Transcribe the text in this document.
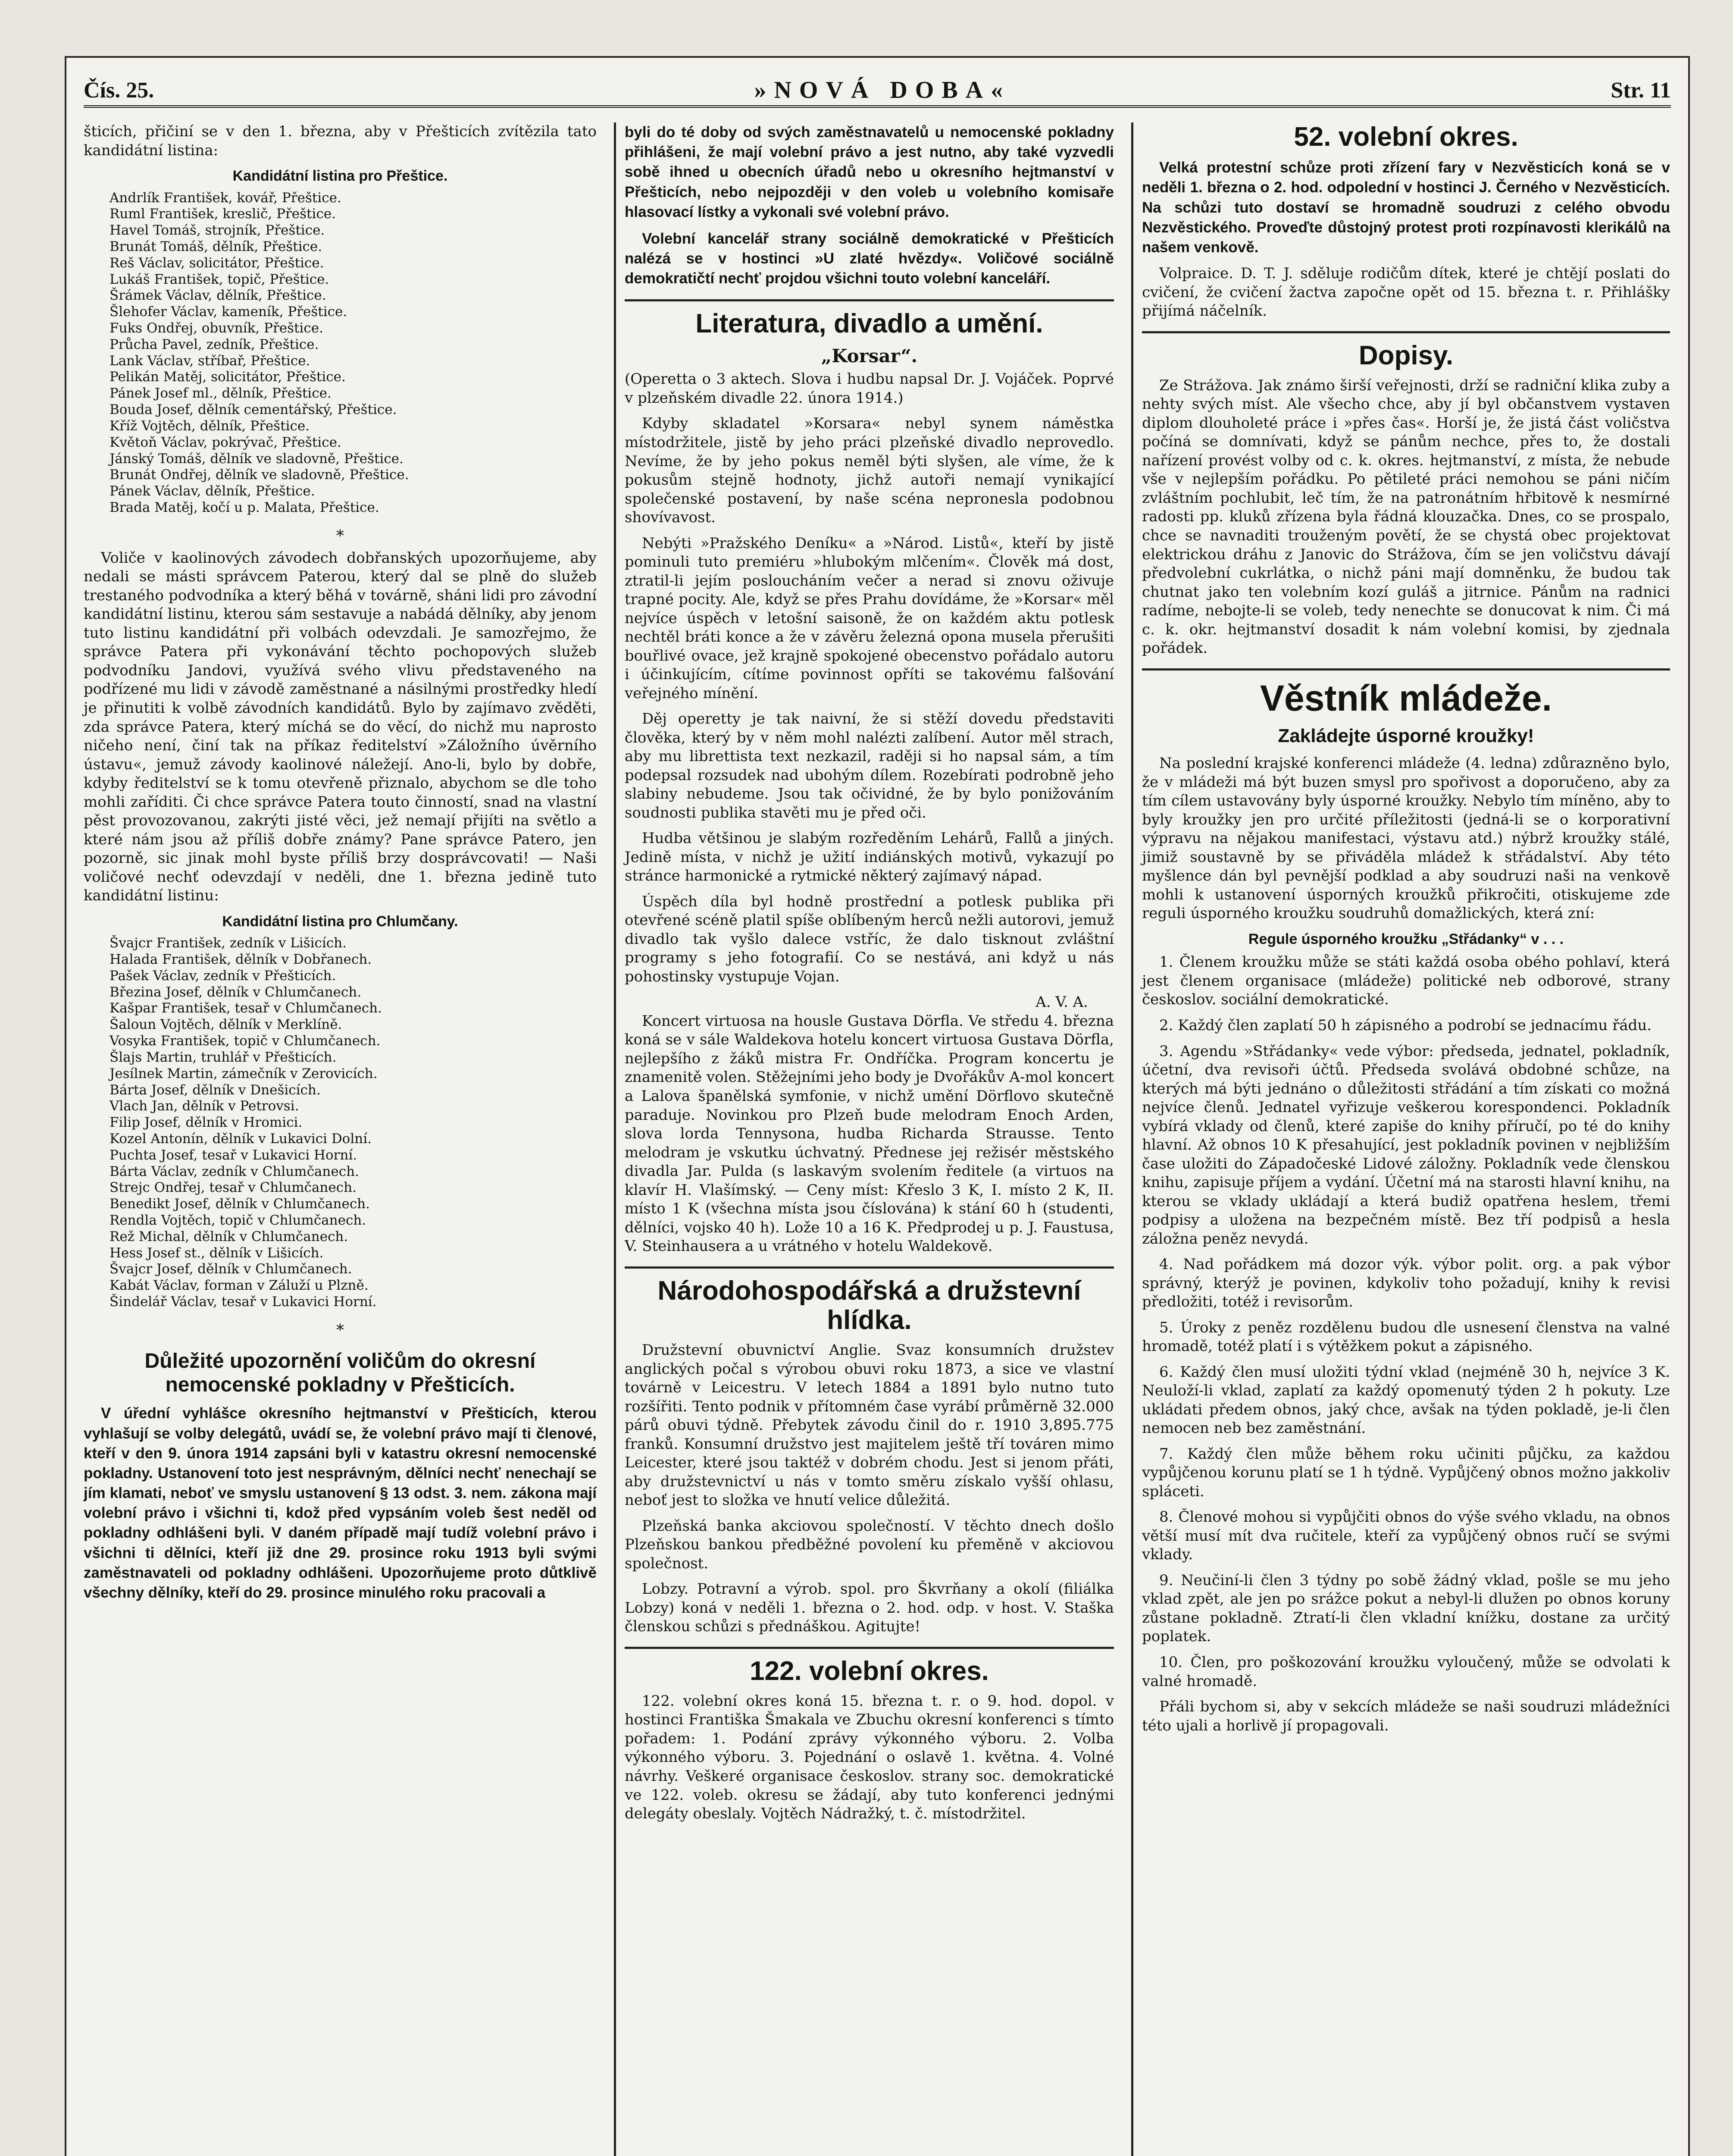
Čís. 25.	»NOVÁ DOBA«	Str. 11

šticích, přičiní se v den 1. března, aby v Přešticích zvítězila tato kandidátní listina:

Kandidátní listina pro Přeštice.
Andrlík František, kovář, Přeštice.
Ruml František, kreslič, Přeštice.
Havel Tomáš, strojník, Přeštice.
Brunát Tomáš, dělník, Přeštice.
Reš Václav, solicitátor, Přeštice.
Lukáš František, topič, Přeštice.
Šrámek Václav, dělník, Přeštice.
Šlehofer Václav, kameník, Přeštice.
Fuks Ondřej, obuvník, Přeštice.
Průcha Pavel, zedník, Přeštice.
Lank Václav, stříbař, Přeštice.
Pelikán Matěj, solicitátor, Přeštice.
Pánek Josef ml., dělník, Přeštice.
Bouda Josef, dělník cementářský, Přeštice.
Kříž Vojtěch, dělník, Přeštice.
Květoň Václav, pokrývač, Přeštice.
Jánský Tomáš, dělník ve sladovně, Přeštice.
Brunát Ondřej, dělník ve sladovně, Přeštice.
Pánek Václav, dělník, Přeštice.
Brada Matěj, kočí u p. Malata, Přeštice.
*

Voliče v kaolinových závodech dobřanských upozorňujeme, aby nedali se másti správcem Paterou, který dal se plně do služeb trestaného podvodníka a který běhá v továrně, sháni lidi pro závodní kandidátní listinu, kterou sám sestavuje a nabádá dělníky, aby jenom tuto listinu kandidátní při volbách odevzdali. Je samozřejmo, že správce Patera při vykonávání těchto pochopových služeb podvodníku Jandovi, využívá svého vlivu představeného na podřízené mu lidi v závodě zaměstnané a násilnými prostředky hledí je přinutiti k volbě závodních kandidátů. Bylo by zajímavo zvěděti, zda správce Patera, který míchá se do věcí, do nichž mu naprosto ničeho není, činí tak na příkaz ředitelství »Záložního úvěrního ústavu«, jemuž závody kaolinové náležejí. Ano-li, bylo by dobře, kdyby ředitelství se k tomu otevřeně přiznalo, abychom se dle toho mohli zaříditi. Či chce správce Patera touto činností, snad na vlastní pěst provozovanou, zakrýti jisté věci, jež nemají přijíti na světlo a které nám jsou až příliš dobře známy? Pane správce Patero, jen pozorně, sic jinak mohl byste příliš brzy dosprávcovati! — Naši voličové nechť odevzdají v neděli, dne 1. března jedině tuto kandidátní listinu:

Kandidátní listina pro Chlumčany.
Švajcr František, zedník v Lišicích.
Halada František, dělník v Dobřanech.
Pašek Václav, zedník v Přešticích.
Březina Josef, dělník v Chlumčanech.
Kašpar František, tesař v Chlumčanech.
Šaloun Vojtěch, dělník v Merklíně.
Vosyka František, topič v Chlumčanech.
Šlajs Martin, truhlář v Přešticích.
Jesílnek Martin, zámečník v Zerovicích.
Bárta Josef, dělník v Dnešicích.
Vlach Jan, dělník v Petrovsi.
Filip Josef, dělník v Hromici.
Kozel Antonín, dělník v Lukavici Dolní.
Puchta Josef, tesař v Lukavici Horní.
Bárta Václav, zedník v Chlumčanech.
Strejc Ondřej, tesař v Chlumčanech.
Benedikt Josef, dělník v Chlumčanech.
Rendla Vojtěch, topič v Chlumčanech.
Rež Michal, dělník v Chlumčanech.
Hess Josef st., dělník v Lišicích.
Švajcr Josef, dělník v Chlumčanech.
Kabát Václav, forman v Záluží u Plzně.
Šindelář Václav, tesař v Lukavici Horní.
*
Důležité upozornění voličům do okresní nemocenské pokladny v Přešticích.

V úřední vyhlášce okresního hejtmanství v Přešticích, kterou vyhlašují se volby delegátů, uvádí se, že volební právo mají ti členové, kteří v den 9. února 1914 zapsáni byli v katastru okresní nemocenské pokladny. Ustanovení toto jest nesprávným, dělníci nechť nenechají se jím klamati, neboť ve smyslu ustanovení § 13 odst. 3. nem. zákona mají volební právo i všichni ti, kdož před vypsáním voleb šest neděl od pokladny odhlášeni byli. V daném případě mají tudíž volební právo i všichni ti dělníci, kteří již dne 29. prosince roku 1913 byli svými zaměstnavateli od pokladny odhlášeni. Upozorňujeme proto důtklivě všechny dělníky, kteří do 29. prosince minulého roku pracovali a

byli do té doby od svých zaměstnavatelů u nemocenské pokladny přihlášeni, že mají volební právo a jest nutno, aby také vyzvedli sobě ihned u obecních úřadů nebo u okresního hejtmanství v Přešticích, nebo nejpozději v den voleb u volebního komisaře hlasovací lístky a vykonali své volební právo.

Volební kancelář strany sociálně demokratické v Přešticích nalézá se v hostinci »U zlaté hvězdy«. Voličové sociálně demokratičtí nechť projdou všichni touto volební kanceláří.

Literatura, divadlo a umění.
„Korsar“.

(Operetta o 3 aktech. Slova i hudbu napsal Dr. J. Vojáček. Poprvé v plzeňském divadle 22. února 1914.)

Kdyby skladatel »Korsara« nebyl synem náměstka místodržitele, jistě by jeho práci plzeňské divadlo neprovedlo. Nevíme, že by jeho pokus neměl býti slyšen, ale víme, že k pokusům stejně hodnoty, jichž autoři nemají vynikající společenské postavení, by naše scéna nepronesla podobnou shovívavost.

Nebýti »Pražského Deníku« a »Národ. Listů«, kteří by jistě pominuli tuto premiéru »hlubokým mlčením«. Člověk má dost, ztratil-li jejím posloucháním večer a nerad si znovu oživuje trapné pocity. Ale, když se přes Prahu dovídáme, že »Korsar« měl nejvíce úspěch v letošní saisoně, že on každém aktu potlesk nechtěl bráti konce a že v závěru železná opona musela přerušiti bouřlivé ovace, jež krajně spokojené obecenstvo pořádalo autoru i účinkujícím, cítíme povinnost opříti se takovému falšování veřejného mínění.

Děj operetty je tak naivní, že si stěží dovedu představiti člověka, který by v něm mohl nalézti zalíbení. Autor měl strach, aby mu librettista text nezkazil, raději si ho napsal sám, a tím podepsal rozsudek nad ubohým dílem. Rozebírati podrobně jeho slabiny nebudeme. Jsou tak očividné, že by bylo ponižováním soudnosti publika stavěti mu je před oči.

Hudba většinou je slabým rozředěním Lehárů, Fallů a jiných. Jedině místa, v nichž je užití indiánských motivů, vykazují po stránce harmonické a rytmické některý zajímavý nápad.

Úspěch díla byl hodně prostřední a potlesk publika při otevřené scéně platil spíše oblíbeným herců nežli autorovi, jemuž divadlo tak vyšlo dalece vstříc, že dalo tisknout zvláštní programy s jeho fotografií. Co se nestává, ani když u nás pohostinsky vystupuje Vojan.

A. V. A.

Koncert virtuosa na housle Gustava Dörfla. Ve středu 4. března koná se v sále Waldekova hotelu koncert virtuosa Gustava Dörfla, nejlepšího z žáků mistra Fr. Ondříčka. Program koncertu je znamenitě volen. Stěžejními jeho body je Dvořákův A-mol koncert a Lalova španělská symfonie, v nichž umění Dörflovo skutečně paraduje. Novinkou pro Plzeň bude melodram Enoch Arden, slova lorda Tennysona, hudba Richarda Strausse. Tento melodram je vskutku úchvatný. Přednese jej režisér městského divadla Jar. Pulda (s laskavým svolením ředitele (a virtuos na klavír H. Vlašímský. — Ceny míst: Křeslo 3 K, I. místo 2 K, II. místo 1 K (všechna místa jsou číslována) k stání 60 h (studenti, dělníci, vojsko 40 h). Lože 10 a 16 K. Předprodej u p. J. Faustusa, V. Steinhausera a u vrátného v hotelu Waldekově.

Národohospodářská a družstevní hlídka.

Družstevní obuvnictví Anglie. Svaz konsumních družstev anglických počal s výrobou obuvi roku 1873, a sice ve vlastní továrně v Leicestru. V letech 1884 a 1891 bylo nutno tuto rozšířiti. Tento podnik v přítomném čase vyrábí průměrně 32.000 párů obuvi týdně. Přebytek závodu činil do r. 1910 3,895.775 franků. Konsumní družstvo jest majitelem ještě tří továren mimo Leicester, které jsou taktéž v dobrém chodu. Jest si jenom přáti, aby družstevnictví u nás v tomto směru získalo vyšší ohlasu, neboť jest to složka ve hnutí velice důležitá.

Plzeňská banka akciovou společností. V těchto dnech došlo Plzeňskou bankou předběžné povolení ku přeměně v akciovou společnost.

Lobzy. Potravní a výrob. spol. pro Škvrňany a okolí (filiálka Lobzy) koná v neděli 1. března o 2. hod. odp. v host. V. Staška členskou schůzi s přednáškou. Agitujte!

122. volební okres.

122. volební okres koná 15. března t. r. o 9. hod. dopol. v hostinci Františka Šmakala ve Zbuchu okresní konferenci s tímto pořadem: 1. Podání zprávy výkonného výboru. 2. Volba výkonného výboru. 3. Pojednání o oslavě 1. května. 4. Volné návrhy. Veškeré organisace českoslov. strany soc. demokratické ve 122. voleb. okresu se žádají, aby tuto konferenci jednými delegáty obeslaly. Vojtěch Nádražký, t. č. místodržitel.

52. volební okres.

Velká protestní schůze proti zřízení fary v Nezvěsticích koná se v neděli 1. března o 2. hod. odpolední v hostinci J. Černého v Nezvěsticích. Na schůzi tuto dostaví se hromadně soudruzi z celého obvodu Nezvěstického. Proveďte důstojný protest proti rozpínavosti klerikálů na našem venkově.

Volpraice. D. T. J. sděluje rodičům dítek, které je chtějí poslati do cvičení, že cvičení žactva započne opět od 15. března t. r. Přihlášky přijímá náčelník.

Dopisy.

Ze Strážova. Jak známo širší veřejnosti, drží se radniční klika zuby a nehty svých míst. Ale všecho chce, aby jí byl občanstvem vystaven diplom dlouholeté práce i »přes čas«. Horší je, že jistá část voličstva počíná se domnívati, když se pánům nechce, přes to, že dostali nařízení provést volby od c. k. okres. hejtmanství, z místa, že nebude vše v nejlepším pořádku. Po pětileté práci nemohou se páni ničím zvláštním pochlubit, leč tím, že na patronátním hřbitově k nesmírné radosti pp. kluků zřízena byla řádná klouzačka. Dnes, co se prospalo, chce se navnaditi trouženým povětí, že se chystá obec projektovat elektrickou dráhu z Janovic do Strážova, čím se jen voličstvu dávají předvolební cukrlátka, o nichž páni mají domněnku, že budou tak chutnat jako ten volebním kozí guláš a jitrnice. Pánům na radnici radíme, nebojte-li se voleb, tedy nenechte se donucovat k nim. Či má c. k. okr. hejtmanství dosadit k nám volební komisi, by zjednala pořádek.

Věstník mládeže.
Zakládejte úsporné kroužky!

Na poslední krajské konferenci mládeže (4. ledna) zdůrazněno bylo, že v mládeži má být buzen smysl pro spořivost a doporučeno, aby za tím cílem ustavovány byly úsporné kroužky. Nebylo tím míněno, aby to byly kroužky jen pro určité příležitosti (jedná-li se o korporativní výpravu na nějakou manifestaci, výstavu atd.) nýbrž kroužky stálé, jimiž soustavně by se přiváděla mládež k střádalství. Aby této myšlence dán byl pevnější podklad a aby soudruzi naši na venkově mohli k ustanovení úsporných kroužků přikročiti, otiskujeme zde reguli úsporného kroužku soudruhů domažlických, která zní:

Regule úsporného kroužku „Střádanky“ v . . .

1. Členem kroužku může se státi každá osoba obého pohlaví, která jest členem organisace (mládeže) politické neb odborové, strany českoslov. sociální demokratické.

2. Každý člen zaplatí 50 h zápisného a podrobí se jednacímu řádu.

3. Agendu »Střádanky« vede výbor: předseda, jednatel, pokladník, účetní, dva revisoři účtů. Předseda svolává obdobné schůze, na kterých má býti jednáno o důležitosti střádání a tím získati co možná nejvíce členů. Jednatel vyřizuje veškerou korespondenci. Pokladník vybírá vklady od členů, které zapiše do knihy příručí, po té do knihy hlavní. Až obnos 10 K přesahující, jest pokladník povinen v nejbližším čase uložiti do Západočeské Lidové záložny. Pokladník vede členskou knihu, zapisuje příjem a vydání. Účetní má na starosti hlavní knihu, na kterou se vklady ukládají a která budiž opatřena heslem, třemi podpisy a uložena na bezpečném místě. Bez tří podpisů a hesla záložna peněz nevydá.

4. Nad pořádkem má dozor výk. výbor polit. org. a pak výbor správný, kterýž je povinen, kdykoliv toho požadují, knihy k revisi předložiti, totéž i revisorům.

5. Úroky z peněz rozdělenu budou dle usnesení členstva na valné hromadě, totéž platí i s výtěžkem pokut a zápisného.

6. Každý člen musí uložiti týdní vklad (nejméně 30 h, nejvíce 3 K. Neuloží-li vklad, zaplatí za každý opomenutý týden 2 h pokuty. Lze ukládati předem obnos, jaký chce, avšak na týden pokladě, je-li člen nemocen neb bez zaměstnání.

7. Každý člen může během roku učiniti půjčku, za každou vypůjčenou korunu platí se 1 h týdně. Vypůjčený obnos možno jakkoliv spláceti.

8. Členové mohou si vypůjčiti obnos do výše svého vkladu, na obnos větší musí mít dva ručitele, kteří za vypůjčený obnos ručí se svými vklady.

9. Neučiní-li člen 3 týdny po sobě žádný vklad, pošle se mu jeho vklad zpět, ale jen po srážce pokut a nebyl-li dlužen po obnos koruny zůstane pokladně. Ztratí-li člen vkladní knížku, dostane za určitý poplatek.

10. Člen, pro poškozování kroužku vyloučený, může se odvolati k valné hromadě.

Přáli bychom si, aby v sekcích mládeže se naši soudruzi mládežníci této ujali a horlivě jí propagovali.
